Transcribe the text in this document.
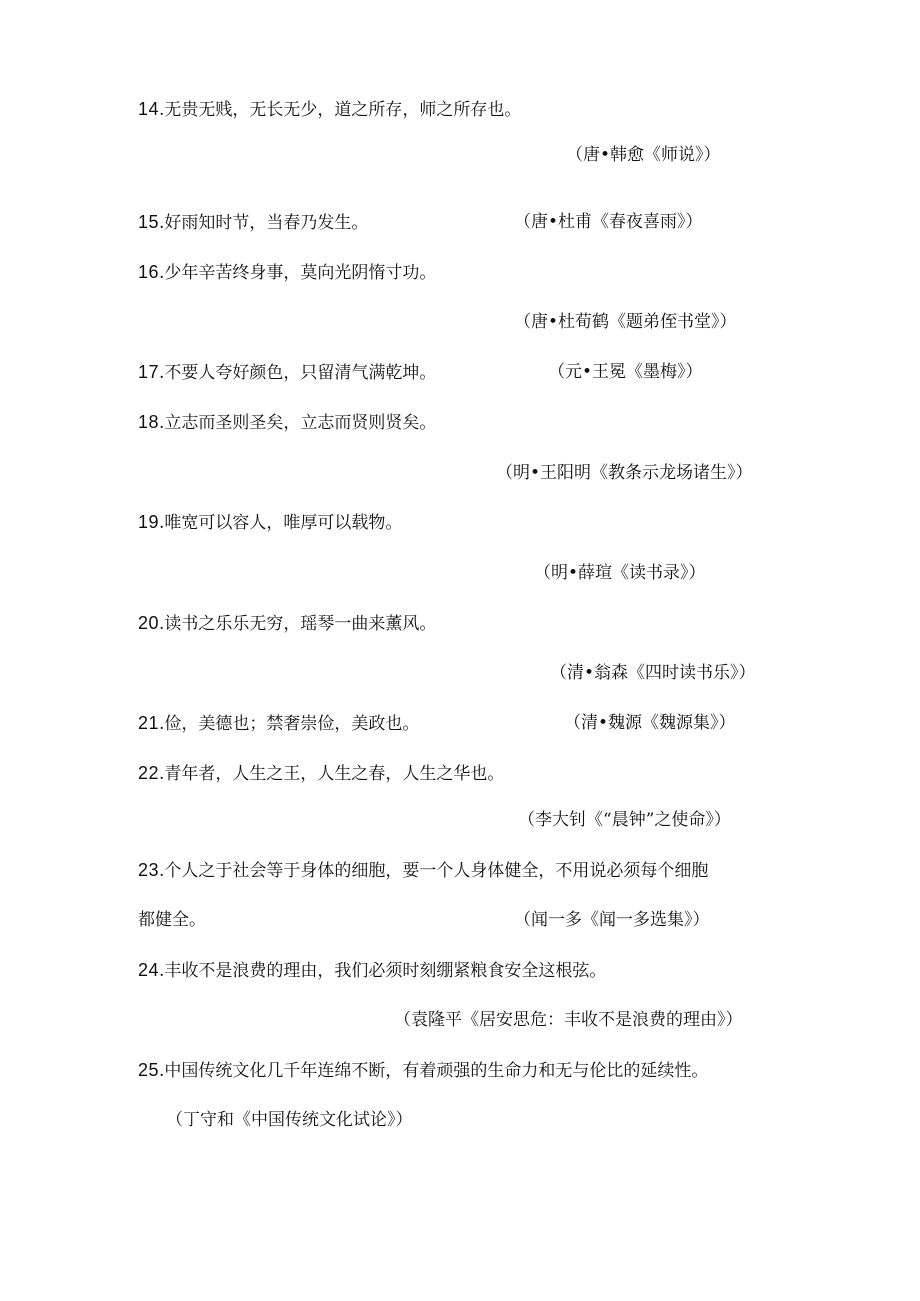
14.无贵无贱，无长无少，道之所存，师之所存也。
（唐•韩愈《师说》）
15.好雨知时节，当春乃发生。	（唐•杜甫《春夜喜雨》）
16.少年辛苦终身事，莫向光阴惰寸功。
（唐•杜荀鹤《题弟侄书堂》）
17.不要人夸好颜色，只留清气满乾坤。	（元•王冕《墨梅》）
18.立志而圣则圣矣，立志而贤则贤矣。
（明•王阳明《教条示龙场诸生》）
19.唯宽可以容人，唯厚可以载物。
（明•薛瑄《读书录》）
20.读书之乐乐无穷，瑶琴一曲来薰风。
（清•翁森《四时读书乐》）
21.俭，美德也；禁奢崇俭，美政也。	（清•魏源《魏源集》）
22.青年者，人生之王，人生之春，人生之华也。
（李大钊《“晨钟”之使命》）
23.个人之于社会等于身体的细胞，要一个人身体健全，不用说必须每个细胞
都健全。	（闻一多《闻一多选集》）
24.丰收不是浪费的理由，我们必须时刻绷紧粮食安全这根弦。
（袁隆平《居安思危：丰收不是浪费的理由》）
25.中国传统文化几千年连绵不断，有着顽强的生命力和无与伦比的延续性。
（丁守和《中国传统文化试论》）
